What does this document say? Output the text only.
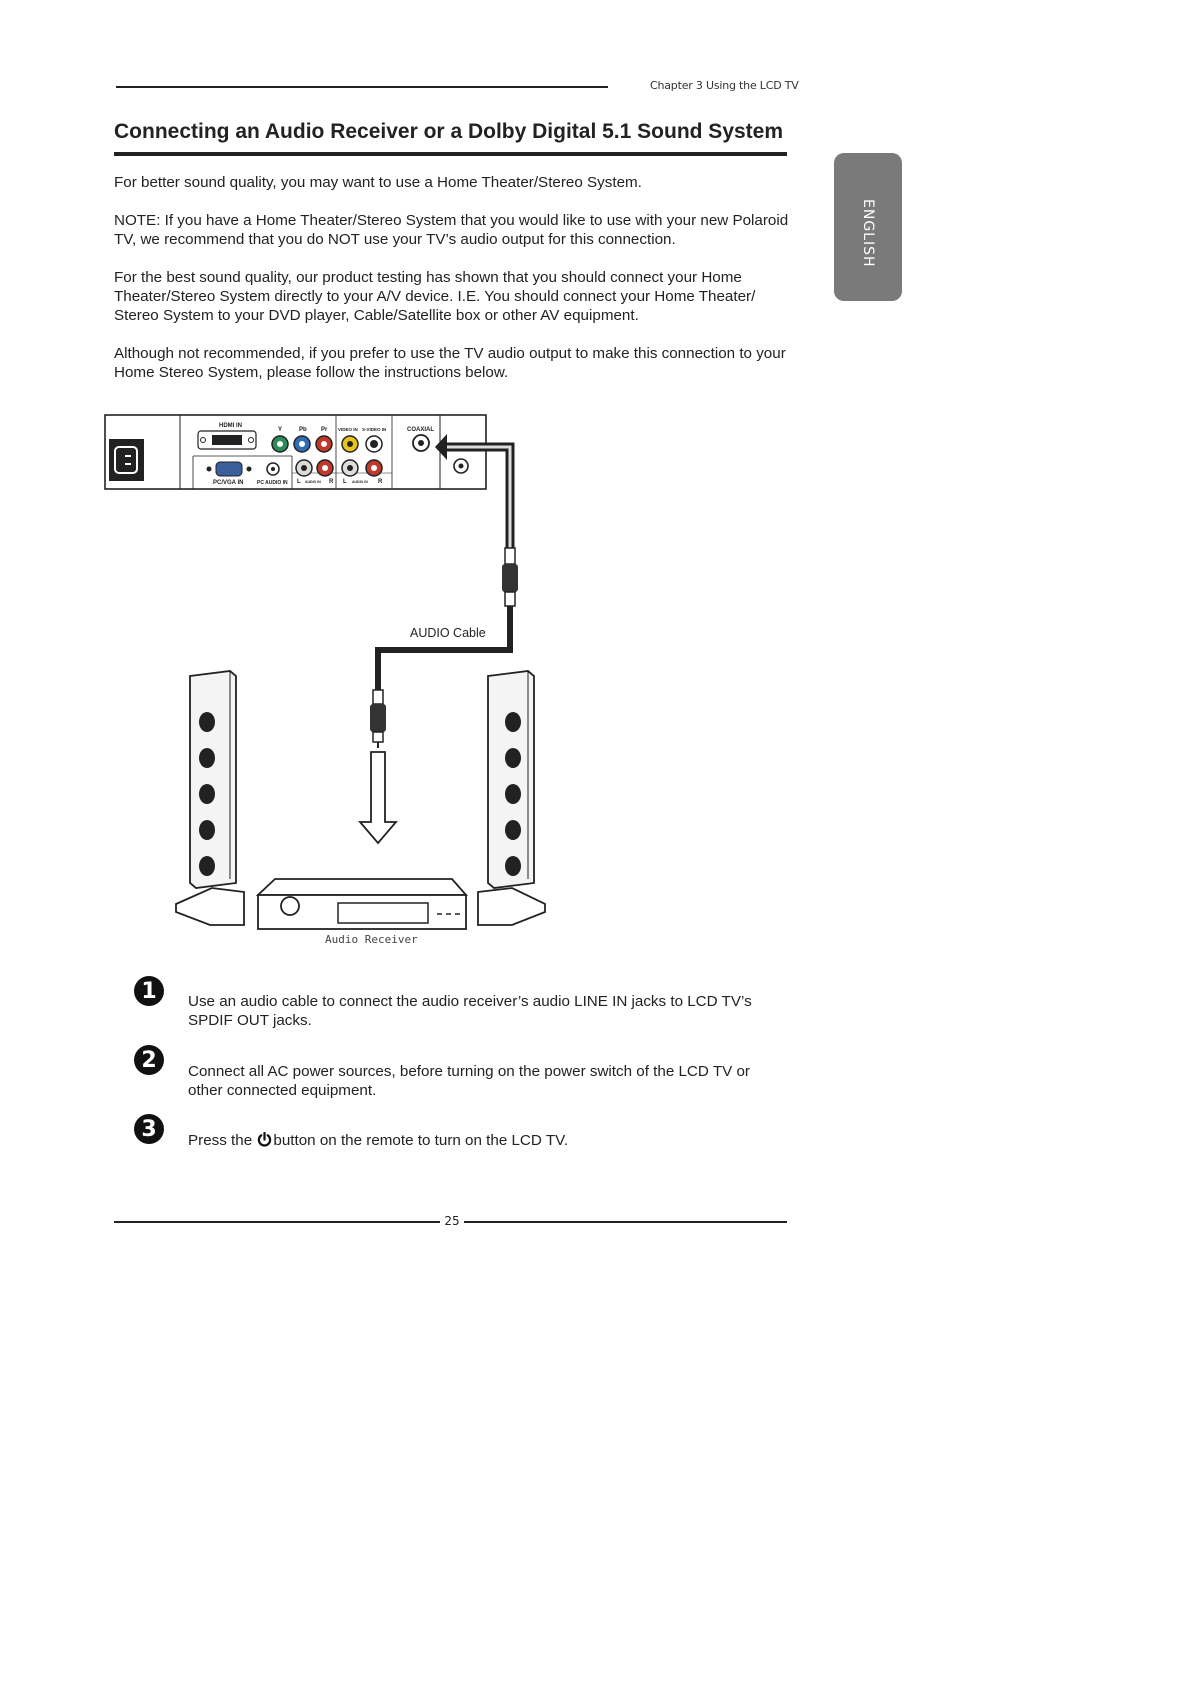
Chapter 3 Using the LCD TV
ENGLISH
Connecting an Audio Receiver or a Dolby Digital 5.1 Sound System

For better sound quality, you may want to use a Home Theater/Stereo System.

NOTE: If you have a Home Theater/Stereo System that you would like to use with your new Polaroid TV, we recommend that you do NOT use your TV’s audio output for this connection.

For the best sound quality, our product testing has shown that you should connect your Home Theater/Stereo System directly to your A/V device. I.E. You should connect your Home Theater/ Stereo System to your DVD player, Cable/Satellite box or other AV equipment.

Although not recommended, if you prefer to use the TV audio output to make this connection to your Home Stereo System, please follow the instructions below.

HDMI IN
Y	Pb Pr VIDEO IN S-VIDEO IN	COAXIAL
PC/VGA IN	PC AUDIO IN L AUDIO IN R L AUDIO IN R
AUDIO Cable
Audio Receiver
1	Use an audio cable to connect the audio receiver’s audio LINE IN jacks to LCD TV’s SPDIF OUT jacks.

2	Connect all AC power sources, before turning on the power switch of the LCD TV or other connected equipment.

3	Press the button on the remote to turn on the LCD TV.

25
